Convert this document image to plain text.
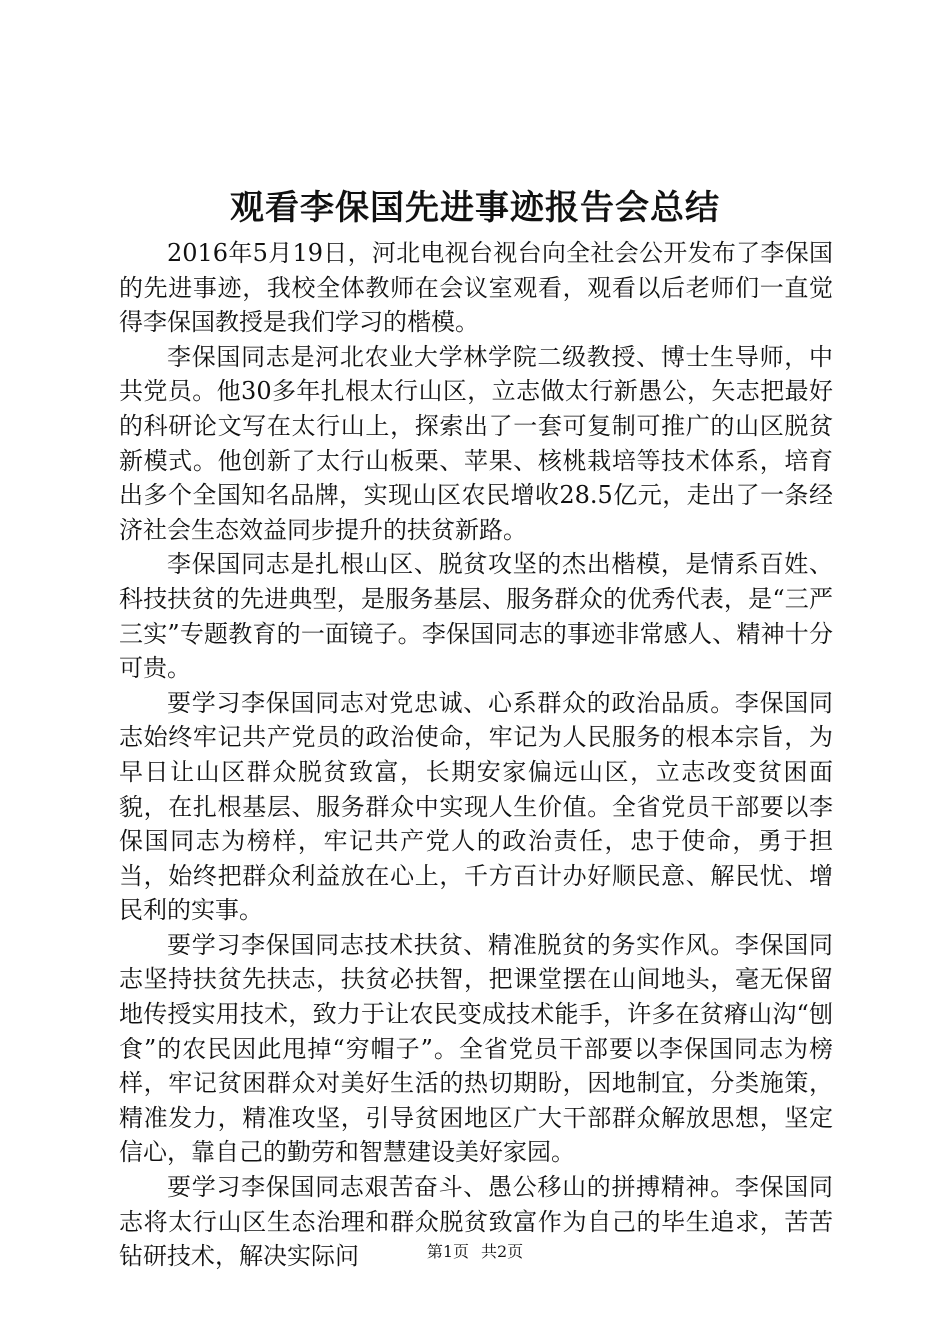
观看李保国先进事迹报告会总结

2016年5月19日，河北电视台视台向全社会公开发布了李保国的先进事迹，我校全体教师在会议室观看，观看以后老师们一直觉得李保国教授是我们学习的楷模。

李保国同志是河北农业大学林学院二级教授、博士生导师，中共党员。他30多年扎根太行山区，立志做太行新愚公，矢志把最好的科研论文写在太行山上，探索出了一套可复制可推广的山区脱贫新模式。他创新了太行山板栗、苹果、核桃栽培等技术体系，培育出多个全国知名品牌，实现山区农民增收28.5亿元，走出了一条经济社会生态效益同步提升的扶贫新路。

李保国同志是扎根山区、脱贫攻坚的杰出楷模，是情系百姓、科技扶贫的先进典型，是服务基层、服务群众的优秀代表，是“三严三实”专题教育的一面镜子。李保国同志的事迹非常感人、精神十分可贵。

要学习李保国同志对党忠诚、心系群众的政治品质。李保国同志始终牢记共产党员的政治使命，牢记为人民服务的根本宗旨，为早日让山区群众脱贫致富，长期安家偏远山区，立志改变贫困面貌，在扎根基层、服务群众中实现人生价值。全省党员干部要以李保国同志为榜样，牢记共产党人的政治责任，忠于使命，勇于担当，始终把群众利益放在心上，千方百计办好顺民意、解民忧、增民利的实事。

要学习李保国同志技术扶贫、精准脱贫的务实作风。李保国同志坚持扶贫先扶志，扶贫必扶智，把课堂摆在山间地头，毫无保留地传授实用技术，致力于让农民变成技术能手，许多在贫瘠山沟“刨食”的农民因此甩掉“穷帽子”。全省党员干部要以李保国同志为榜样，牢记贫困群众对美好生活的热切期盼，因地制宜，分类施策，精准发力，精准攻坚，引导贫困地区广大干部群众解放思想，坚定信心，靠自己的勤劳和智慧建设美好家园。

要学习李保国同志艰苦奋斗、愚公移山的拼搏精神。李保国同志将太行山区生态治理和群众脱贫致富作为自己的毕生追求，苦苦钻研技术，解决实际问	第1页 共2页
